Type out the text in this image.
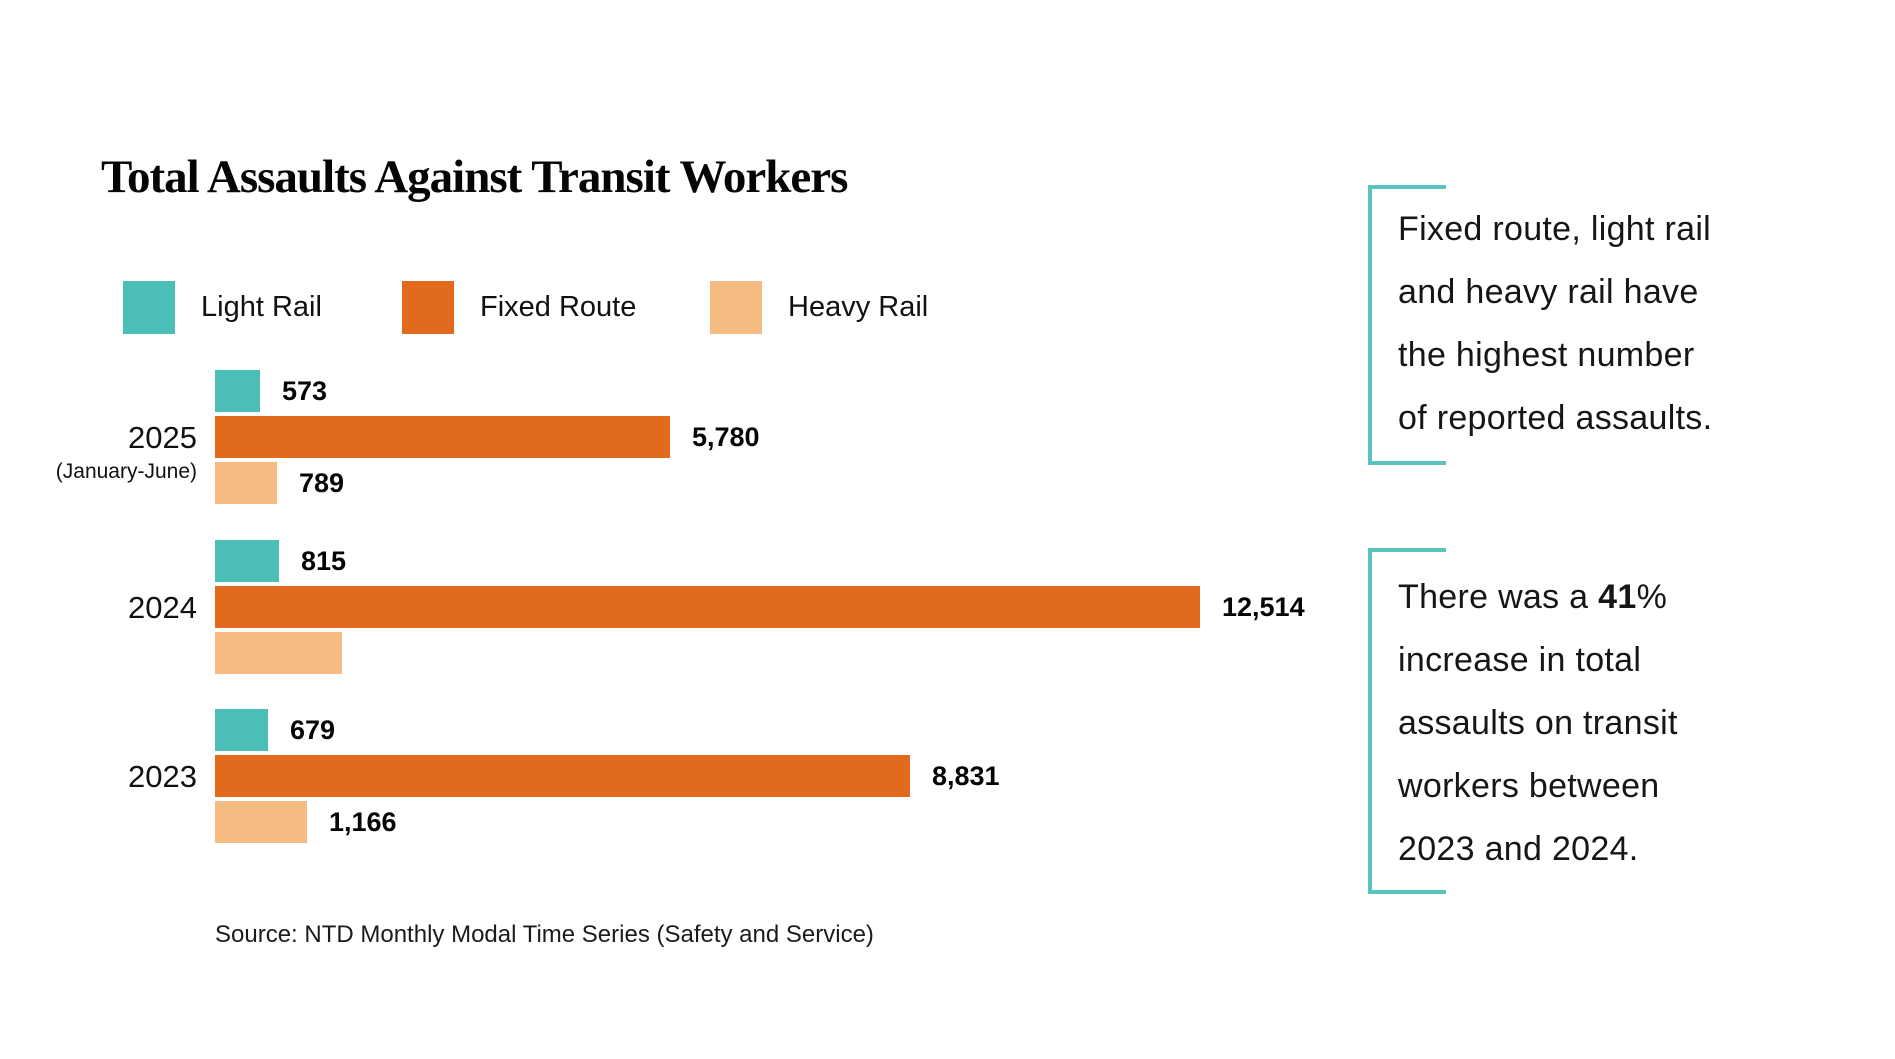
Total Assaults Against Transit Workers
Light Rail	Fixed Route	Heavy Rail
2025
(January-June)
573
5,780
789
2024
815
12,514
2023
679
8,831
1,166
Fixed route, light rail
and heavy rail have
the highest number
of reported assaults.
There was a 41%
increase in total
assaults on transit
workers between
2023 and 2024.
Source: NTD Monthly Modal Time Series (Safety and Service)
